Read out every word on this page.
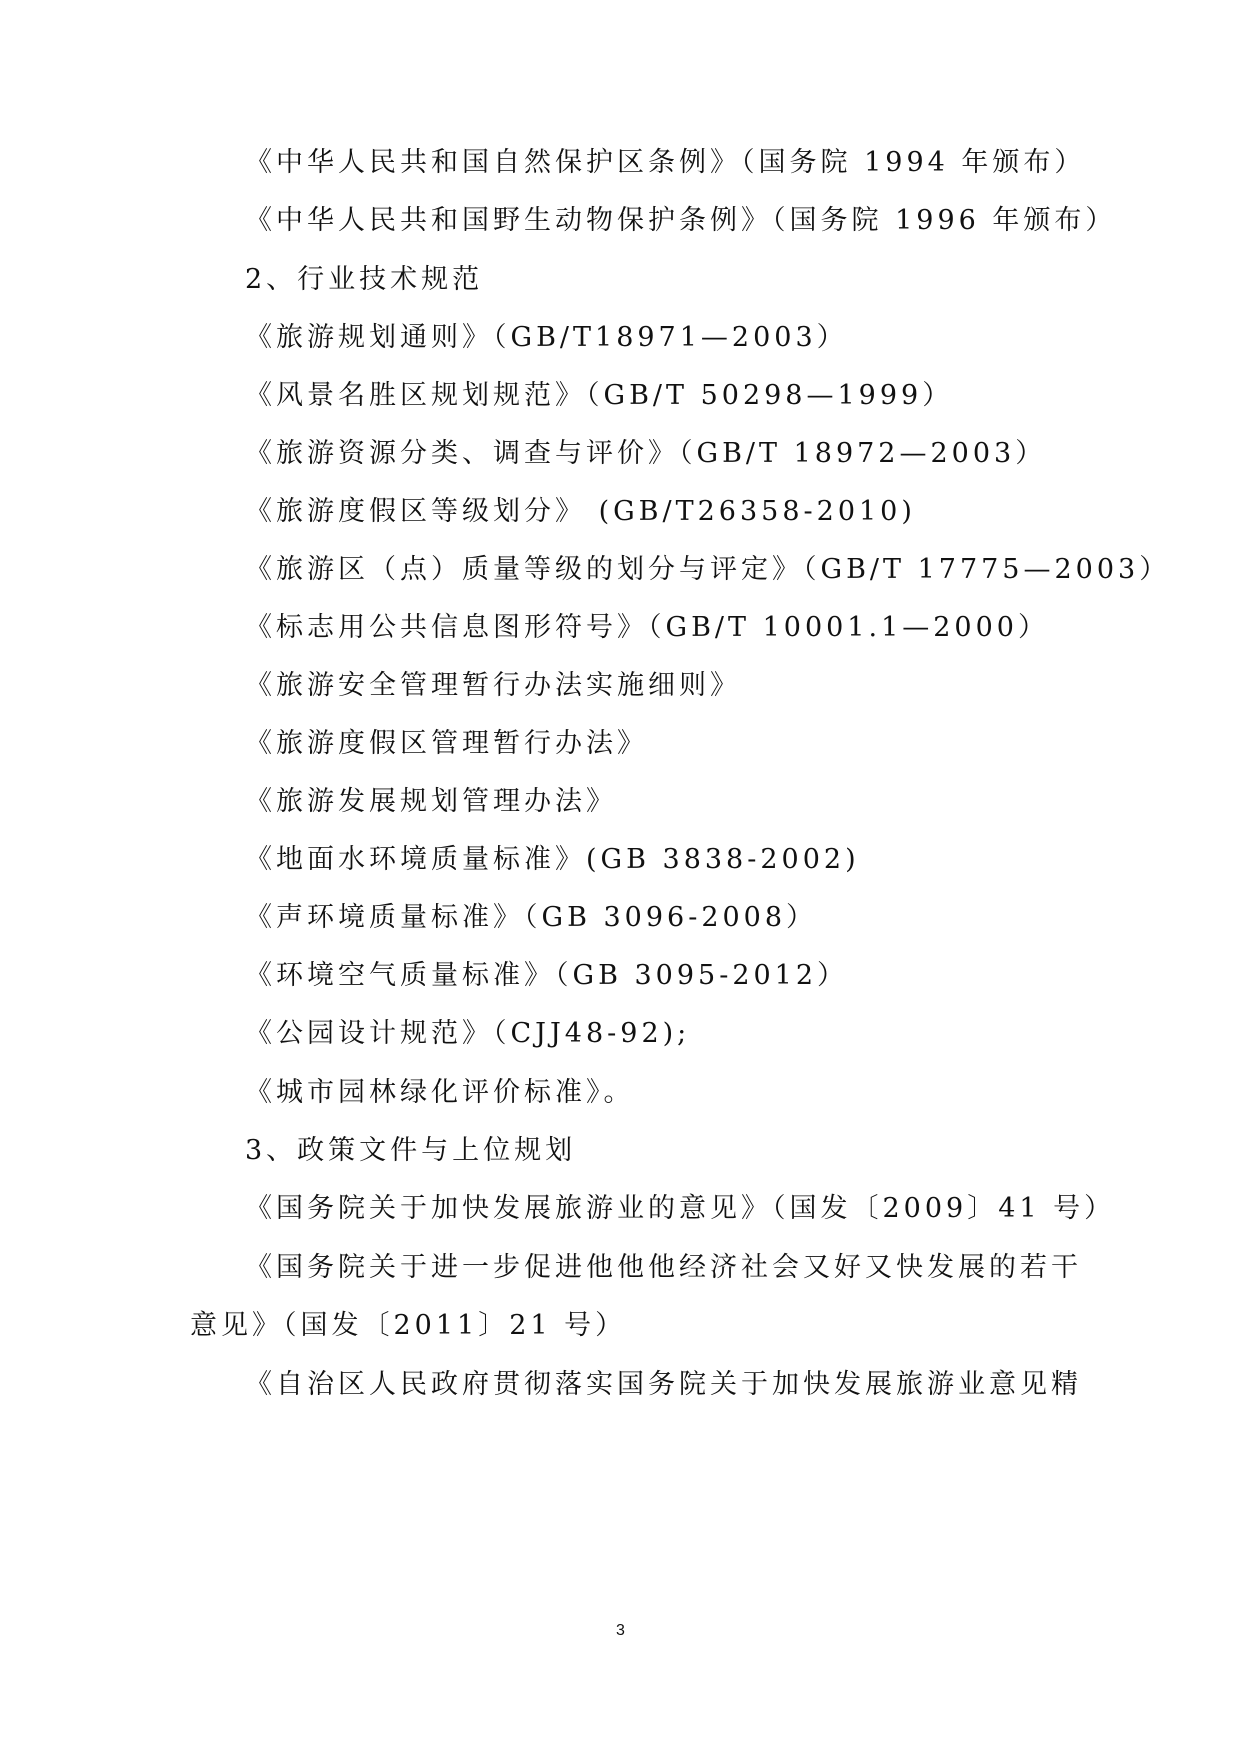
《中华人民共和国自然保护区条例》（国务院 1994 年颁布）
《中华人民共和国野生动物保护条例》（国务院 1996 年颁布）
2、行业技术规范
《旅游规划通则》（GB/T18971—2003）
《风景名胜区规划规范》（GB/T 50298—1999）
《旅游资源分类、调查与评价》（GB/T 18972—2003）
《旅游度假区等级划分》 (GB/T26358-2010)
《旅游区（点）质量等级的划分与评定》（GB/T 17775—2003）
《标志用公共信息图形符号》（GB/T 10001.1—2000）
《旅游安全管理暂行办法实施细则》
《旅游度假区管理暂行办法》
《旅游发展规划管理办法》
《地面水环境质量标准》(GB 3838-2002)
《声环境质量标准》（GB 3096-2008）
《环境空气质量标准》（GB 3095-2012）
《公园设计规范》（CJJ48-92);
《城市园林绿化评价标准》。
3、政策文件与上位规划
《国务院关于加快发展旅游业的意见》（国发〔2009〕41 号）
《国务院关于进一步促进他他他经济社会又好又快发展的若干
意见》（国发〔2011〕21 号）
《自治区人民政府贯彻落实国务院关于加快发展旅游业意见精
3
